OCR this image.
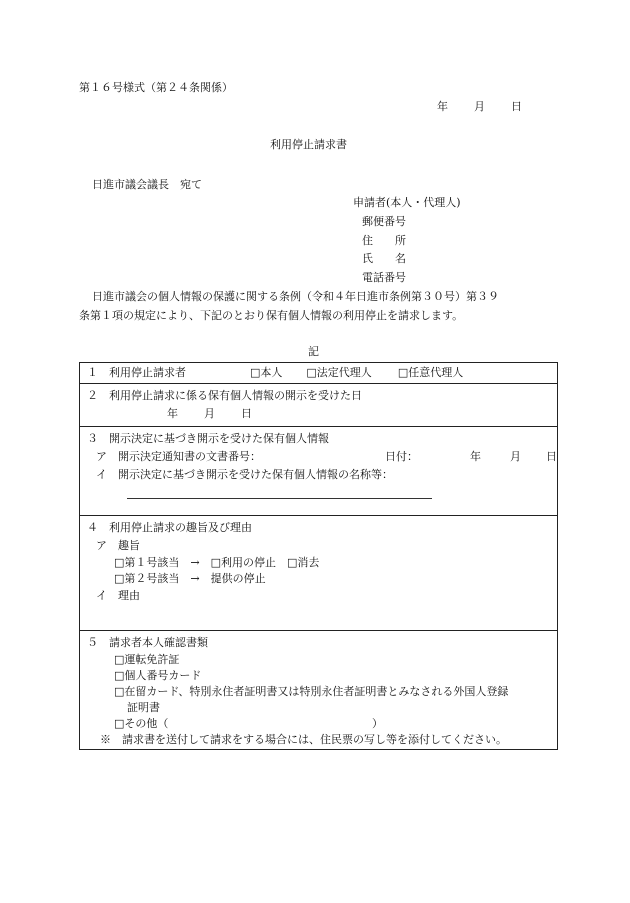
第１６号様式（第２４条関係）
年 月 日
利用停止請求書
日進市議会議長　宛て
申請者(本人・代理人)
郵便番号
住　　所
氏　　名
電話番号
日進市議会の個人情報の保護に関する条例（令和４年日進市条例第３０号）第３９
条第１項の規定により、下記のとおり保有個人情報の利用停止を請求します。
記
１　利用停止請求者	□本人 □法定代理人 □任意代理人
２　利用停止請求に係る保有個人情報の開示を受けた日
年 月 日
３　開示決定に基づき開示を受けた保有個人情報
ア　開示決定通知書の文書番号：	日付：	年	月 日
イ　開示決定に基づき開示を受けた保有個人情報の名称等：
４　利用停止請求の趣旨及び理由
ア　趣旨
□第１号該当　→　□利用の停止　□消去
□第２号該当　→　提供の停止
イ　理由
５　請求者本人確認書類
□運転免許証
□個人番号カード
□在留カード、特別永住者証明書又は特別永住者証明書とみなされる外国人登録
証明書
□その他（	）
※　請求書を送付して請求をする場合には、住民票の写し等を添付してください。
